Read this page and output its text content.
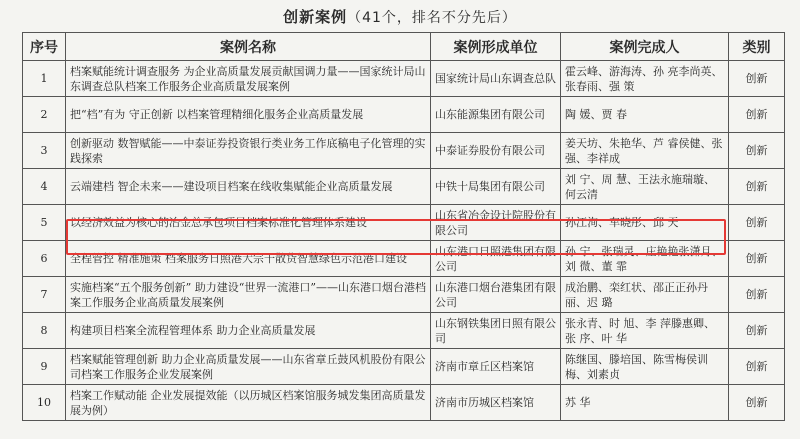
创新案例（41个，排名不分先后）
序号	案例名称	案例形成单位	案例完成人	类别
1	档案赋能统计调查服务 为企业高质量发展贡献国调力量——国家统计局山东调查总队档案工作服务企业高质量发展案例	国家统计局山东调查总队	霍云峰、游海涛、孙 亮李尚英、张春雨、强 策	创新
2	把“档”有为 守正创新 以档案管理精细化服务企业高质量发展	山东能源集团有限公司	陶 媛、贾 春	创新
3	创新驱动 数智赋能——中泰证券投资银行类业务工作底稿电子化管理的实践探索	中泰证券股份有限公司	姜天坊、朱艳华、芦 睿侯健、张 强、李祥成	创新
4	云端建档 智企未来——建设项目档案在线收集赋能企业高质量发展	中铁十局集团有限公司	刘 宁、周 慧、王法永施瑞璇、何云清	创新
5	以经济效益为核心的冶金总承包项目档案标准化管理体系建设	山东省冶金设计院股份有限公司	孙江洵、车晓彤、邱 天	创新
6	全程管控 精准施策 档案服务日照港大宗干散货智慧绿色示范港口建设	山东港口日照港集团有限公司	孙 宁、张瑞灵、庄艳艳张潇月、刘 微、董 霏	创新
7	实施档案“五个服务创新” 助力建设“世界一流港口”——山东港口烟台港档案工作服务企业高质量发展案例	山东港口烟台港集团有限公司	成治鹏、栾红状、邵正正孙丹丽、迟 璐	创新
8	构建项目档案全流程管理体系 助力企业高质量发展	山东钢铁集团日照有限公司	张永青、时 旭、李 萍滕惠卿、张 序、叶 华	创新
9	档案赋能管理创新 助力企业高质量发展——山东省章丘鼓风机股份有限公司档案工作服务企业发展案例	济南市章丘区档案馆	陈继国、滕培国、陈雪梅侯训梅、刘素贞	创新
10	档案工作赋动能 企业发展提效能（以历城区档案馆服务城发集团高质量发展为例）	济南市历城区档案馆	苏 华	创新
